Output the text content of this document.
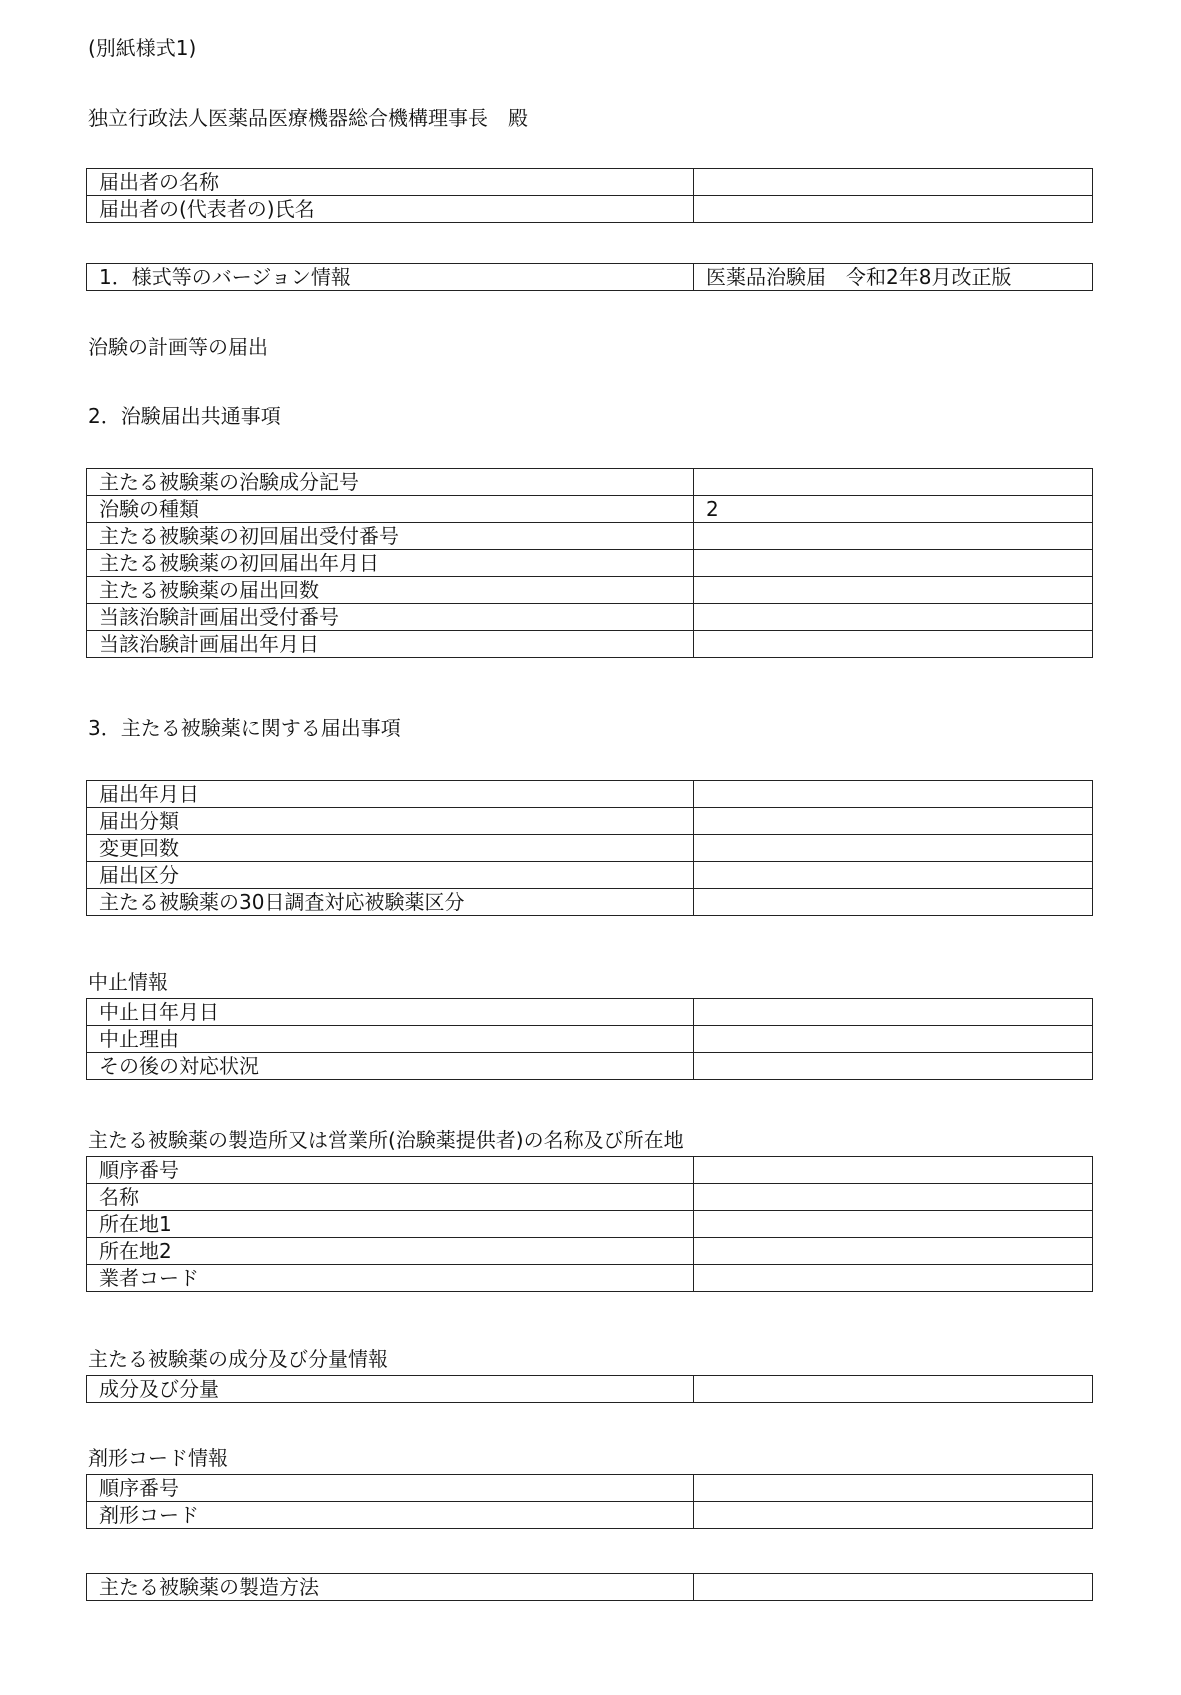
(別紙様式1)
独立行政法人医薬品医療機器総合機構理事長　殿
届出者の名称	
届出者の(代表者の)氏名	
1．様式等のバージョン情報	医薬品治験届　令和2年8月改正版
治験の計画等の届出
2．治験届出共通事項
主たる被験薬の治験成分記号	
治験の種類	2
主たる被験薬の初回届出受付番号	
主たる被験薬の初回届出年月日	
主たる被験薬の届出回数	
当該治験計画届出受付番号	
当該治験計画届出年月日	
3．主たる被験薬に関する届出事項
届出年月日	
届出分類	
変更回数	
届出区分	
主たる被験薬の30日調査対応被験薬区分	
中止情報
中止日年月日	
中止理由	
その後の対応状況	
主たる被験薬の製造所又は営業所(治験薬提供者)の名称及び所在地
順序番号	
名称	
所在地1	
所在地2	
業者コード	
主たる被験薬の成分及び分量情報
成分及び分量	
剤形コード情報
順序番号	
剤形コード	
主たる被験薬の製造方法	
